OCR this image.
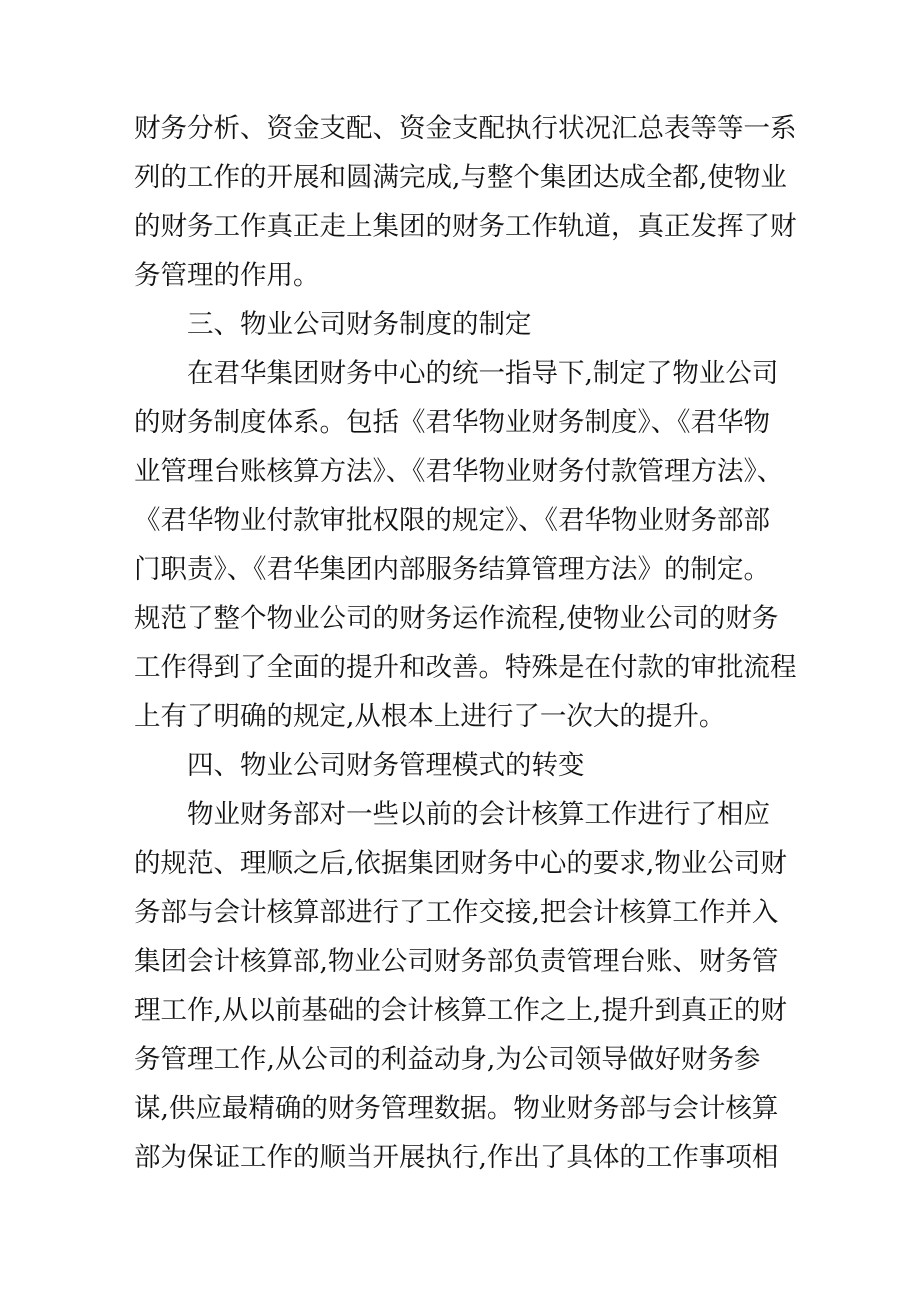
财务分析、资金支配、资金支配执行状况汇总表等等一系
列的工作的开展和圆满完成,与整个集团达成全都,使物业
的财务工作真正走上集团的财务工作轨道，真正发挥了财
务管理的作用。
三、物业公司财务制度的制定
在君华集团财务中心的统一指导下,制定了物业公司
的财务制度体系。包括《君华物业财务制度》、《君华物
业管理台账核算方法》、《君华物业财务付款管理方法》、
《君华物业付款审批权限的规定》、《君华物业财务部部
门职责》、《君华集团内部服务结算管理方法》的制定。
规范了整个物业公司的财务运作流程,使物业公司的财务
工作得到了全面的提升和改善。特殊是在付款的审批流程
上有了明确的规定,从根本上进行了一次大的提升。
四、物业公司财务管理模式的转变
物业财务部对一些以前的会计核算工作进行了相应
的规范、理顺之后,依据集团财务中心的要求,物业公司财
务部与会计核算部进行了工作交接,把会计核算工作并入
集团会计核算部,物业公司财务部负责管理台账、财务管
理工作,从以前基础的会计核算工作之上,提升到真正的财
务管理工作,从公司的利益动身,为公司领导做好财务参
谋,供应最精确的财务管理数据。物业财务部与会计核算
部为保证工作的顺当开展执行,作出了具体的工作事项相
